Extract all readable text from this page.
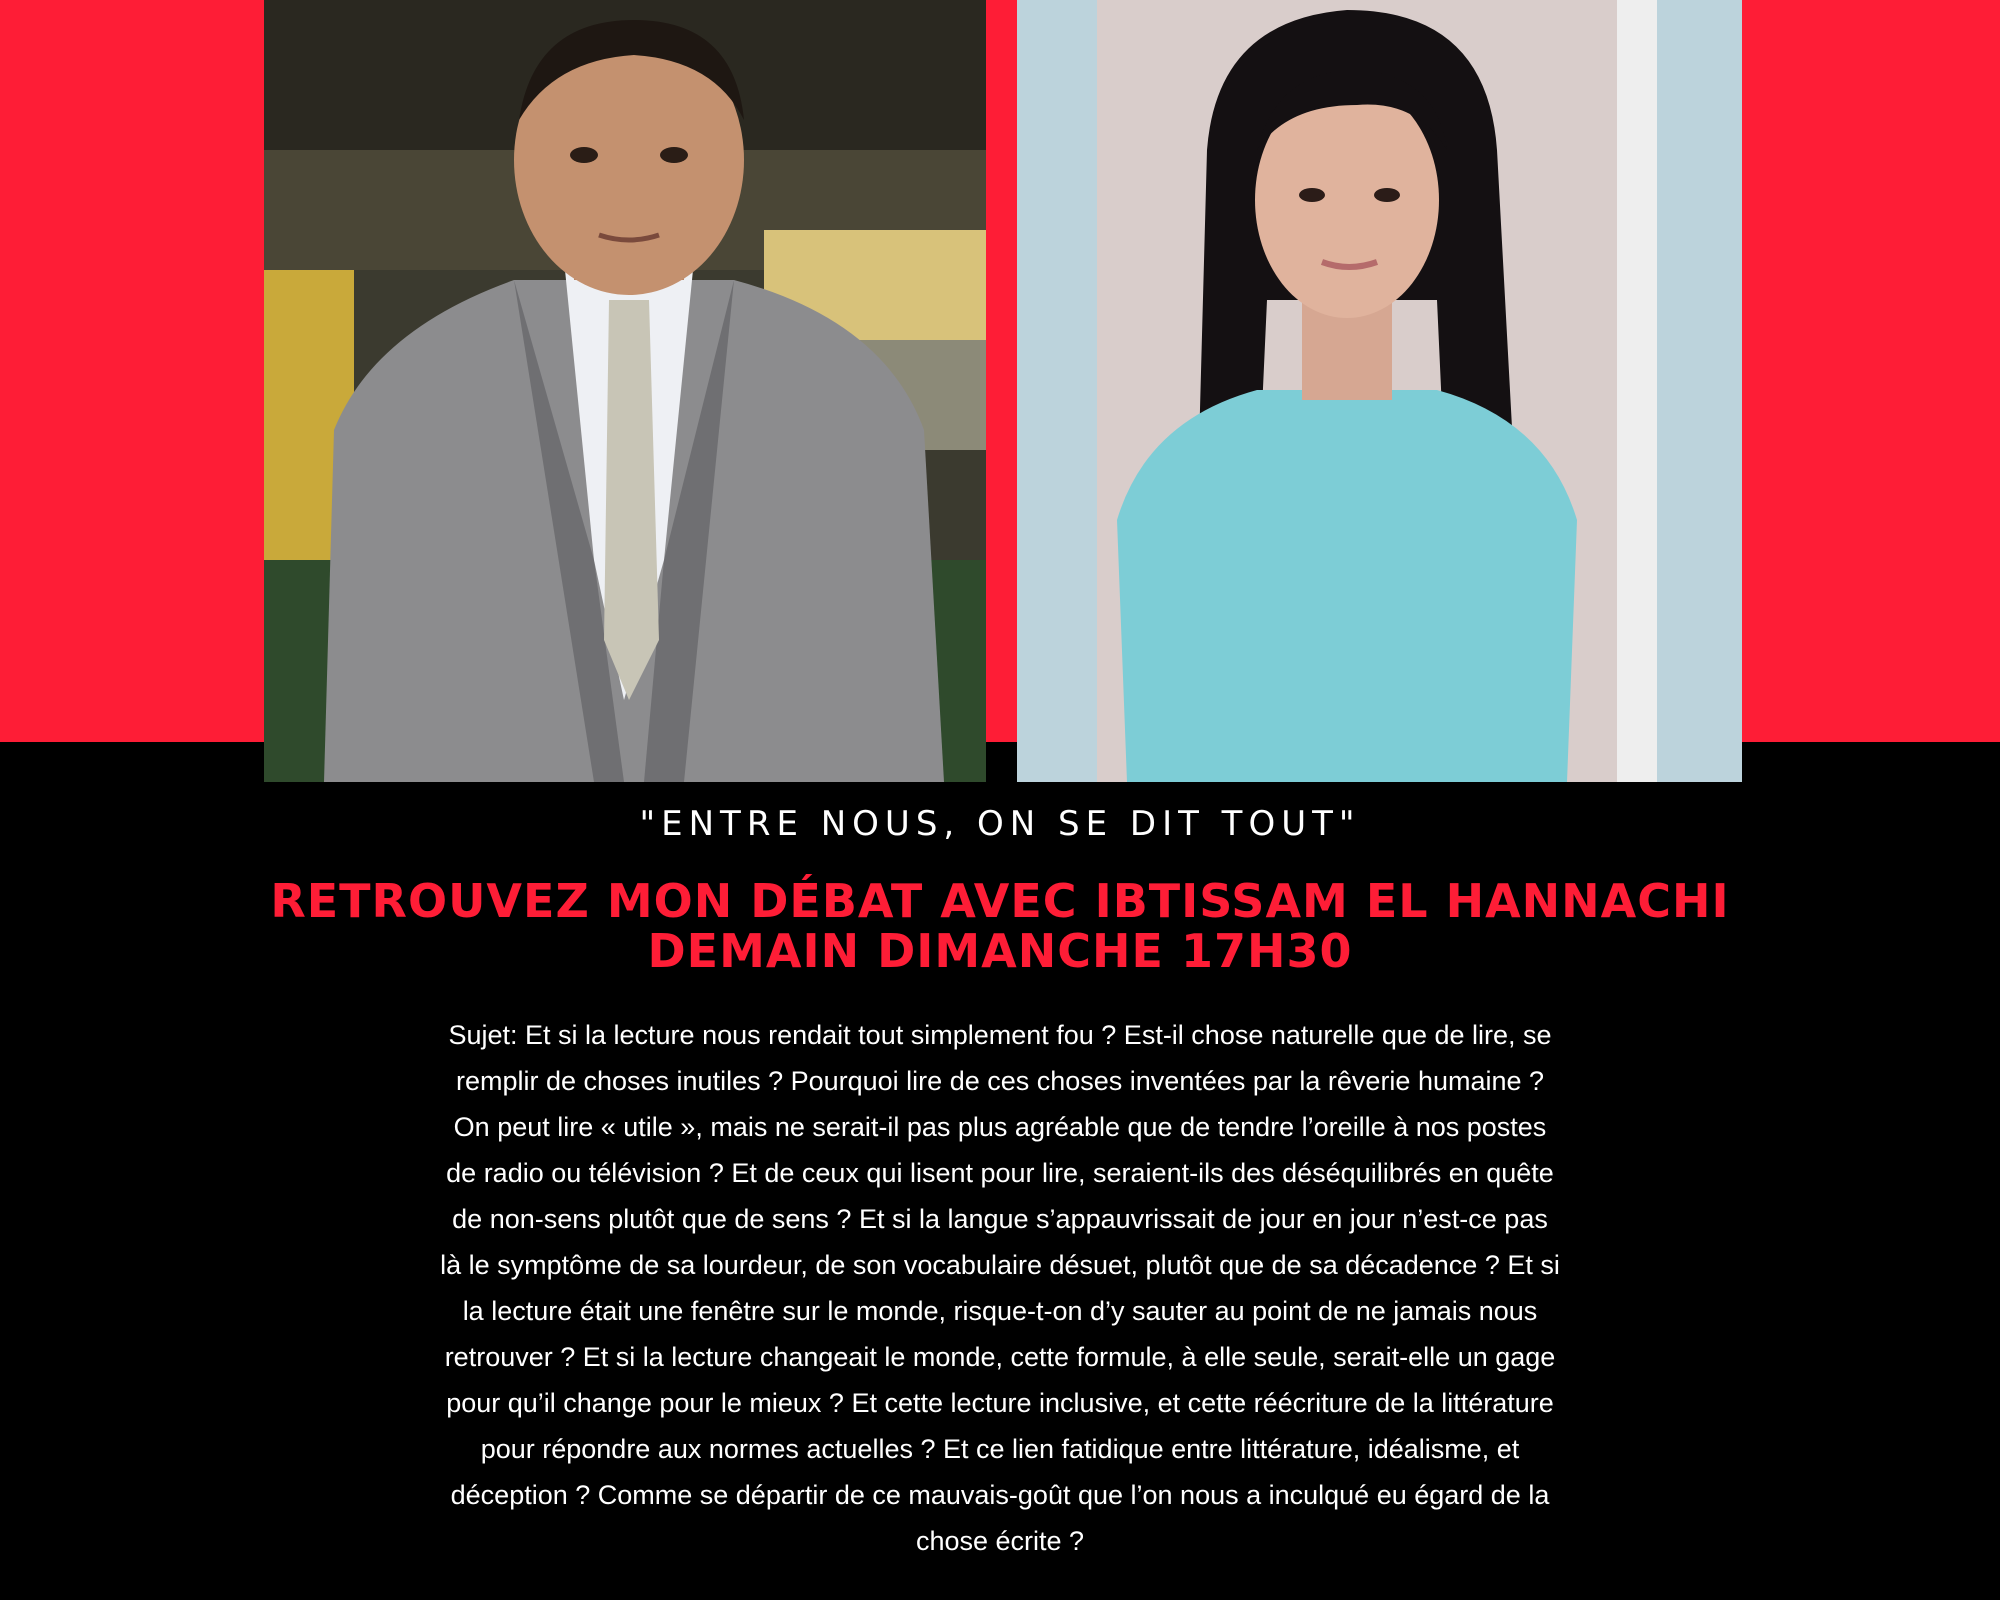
"ENTRE NOUS, ON SE DIT TOUT"
RETROUVEZ MON DÉBAT AVEC IBTISSAM EL HANNACHI
DEMAIN DIMANCHE 17H30
Sujet: Et si la lecture nous rendait tout simplement fou ? Est-il chose naturelle que de lire, se
remplir de choses inutiles ? Pourquoi lire de ces choses inventées par la rêverie humaine ?
On peut lire « utile », mais ne serait-il pas plus agréable que de tendre l’oreille à nos postes
de radio ou télévision ? Et de ceux qui lisent pour lire, seraient-ils des déséquilibrés en quête
de non-sens plutôt que de sens ? Et si la langue s’appauvrissait de jour en jour n’est-ce pas
là le symptôme de sa lourdeur, de son vocabulaire désuet, plutôt que de sa décadence ? Et si
la lecture était une fenêtre sur le monde, risque-t-on d’y sauter au point de ne jamais nous
retrouver ? Et si la lecture changeait le monde, cette formule, à elle seule, serait-elle un gage
pour qu’il change pour le mieux ? Et cette lecture inclusive, et cette réécriture de la littérature
pour répondre aux normes actuelles ? Et ce lien fatidique entre littérature, idéalisme, et
déception ? Comme se départir de ce mauvais-goût que l’on nous a inculqué eu égard de la
chose écrite ?
